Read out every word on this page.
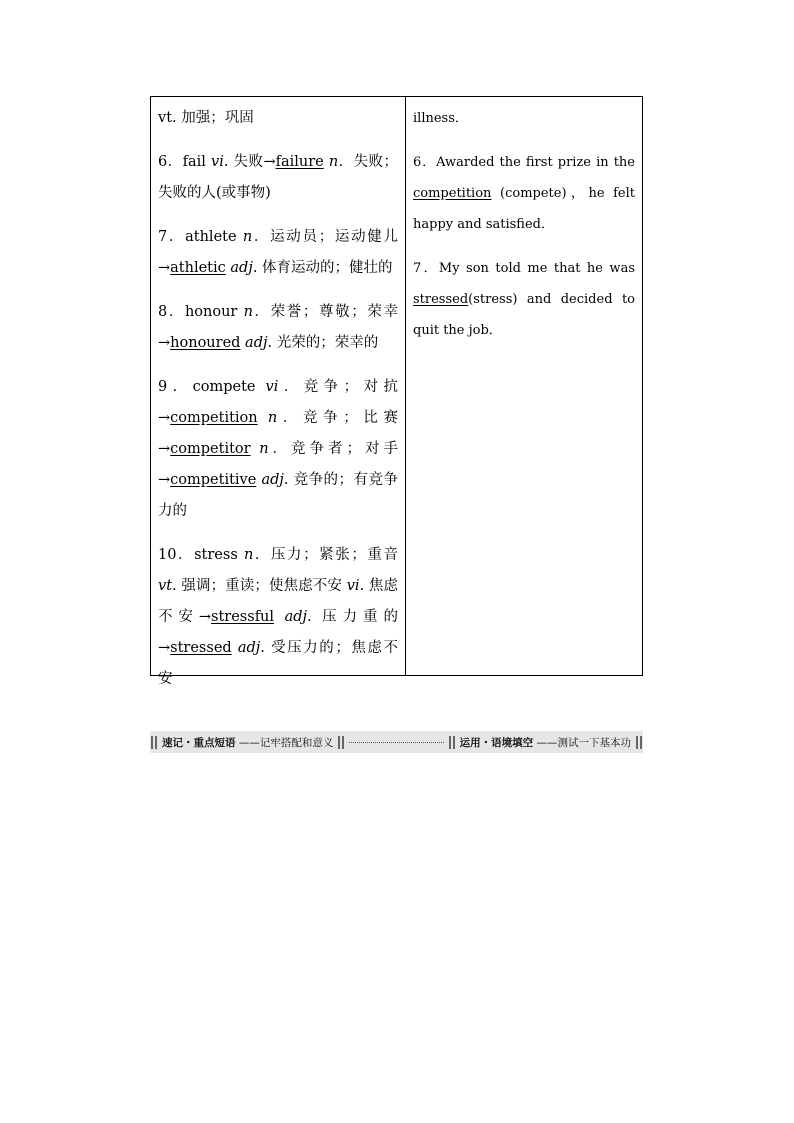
vt. 加强；巩固
6．fail vi. 失败→failure n．失败；失败的人(或事物)
7．athlete n．运动员；运动健儿→athletic adj. 体育运动的；健壮的
8．honour n．荣誉；尊敬；荣幸→honoured adj. 光荣的；荣幸的
9．compete vi．竞争；对抗→competition n．竞争；比赛→competitor n．竞争者；对手→competitive adj. 竞争的；有竞争力的
10．stress n．压力；紧张；重音 vt. 强调；重读；使焦虑不安 vi. 焦虑不安→stressful adj. 压力重的→stressed adj. 受压力的；焦虑不安
illness．
6．Awarded the first prize in the competition (compete)，he felt happy and satisfied．
7．My son told me that he was stressed(stress) and decided to quit the job．
速记・重点短语
——记牢搭配和意义	运用・语境填空
——测试一下基本功
